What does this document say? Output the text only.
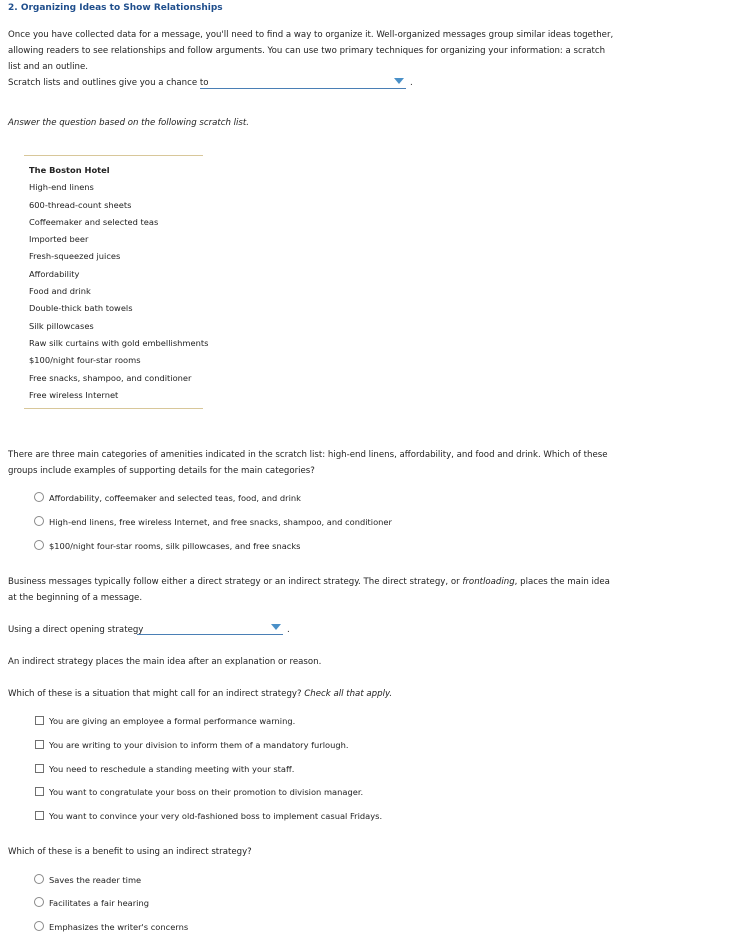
2. Organizing Ideas to Show Relationships
Once you have collected data for a message, you'll need to find a way to organize it. Well-organized messages group similar ideas together, allowing readers to see relationships and follow arguments. You can use two primary techniques for organizing your information: a scratch list and an outline.
Scratch lists and outlines give you a chance to	.
Answer the question based on the following scratch list.
The Boston Hotel
High-end linens
600-thread-count sheets
Coffeemaker and selected teas
Imported beer
Fresh-squeezed juices
Affordability
Food and drink
Double-thick bath towels
Silk pillowcases
Raw silk curtains with gold embellishments
$100/night four-star rooms
Free snacks, shampoo, and conditioner
Free wireless Internet
There are three main categories of amenities indicated in the scratch list: high-end linens, affordability, and food and drink. Which of these groups include examples of supporting details for the main categories?
Affordability, coffeemaker and selected teas, food, and drink
High-end linens, free wireless Internet, and free snacks, shampoo, and conditioner
$100/night four-star rooms, silk pillowcases, and free snacks
Business messages typically follow either a direct strategy or an indirect strategy. The direct strategy, or frontloading, places the main idea at the beginning of a message.
Using a direct opening strategy	.
An indirect strategy places the main idea after an explanation or reason.
Which of these is a situation that might call for an indirect strategy? Check all that apply.
You are giving an employee a formal performance warning.
You are writing to your division to inform them of a mandatory furlough.
You need to reschedule a standing meeting with your staff.
You want to congratulate your boss on their promotion to division manager.
You want to convince your very old-fashioned boss to implement casual Fridays.
Which of these is a benefit to using an indirect strategy?
Saves the reader time
Facilitates a fair hearing
Emphasizes the writer's concerns
